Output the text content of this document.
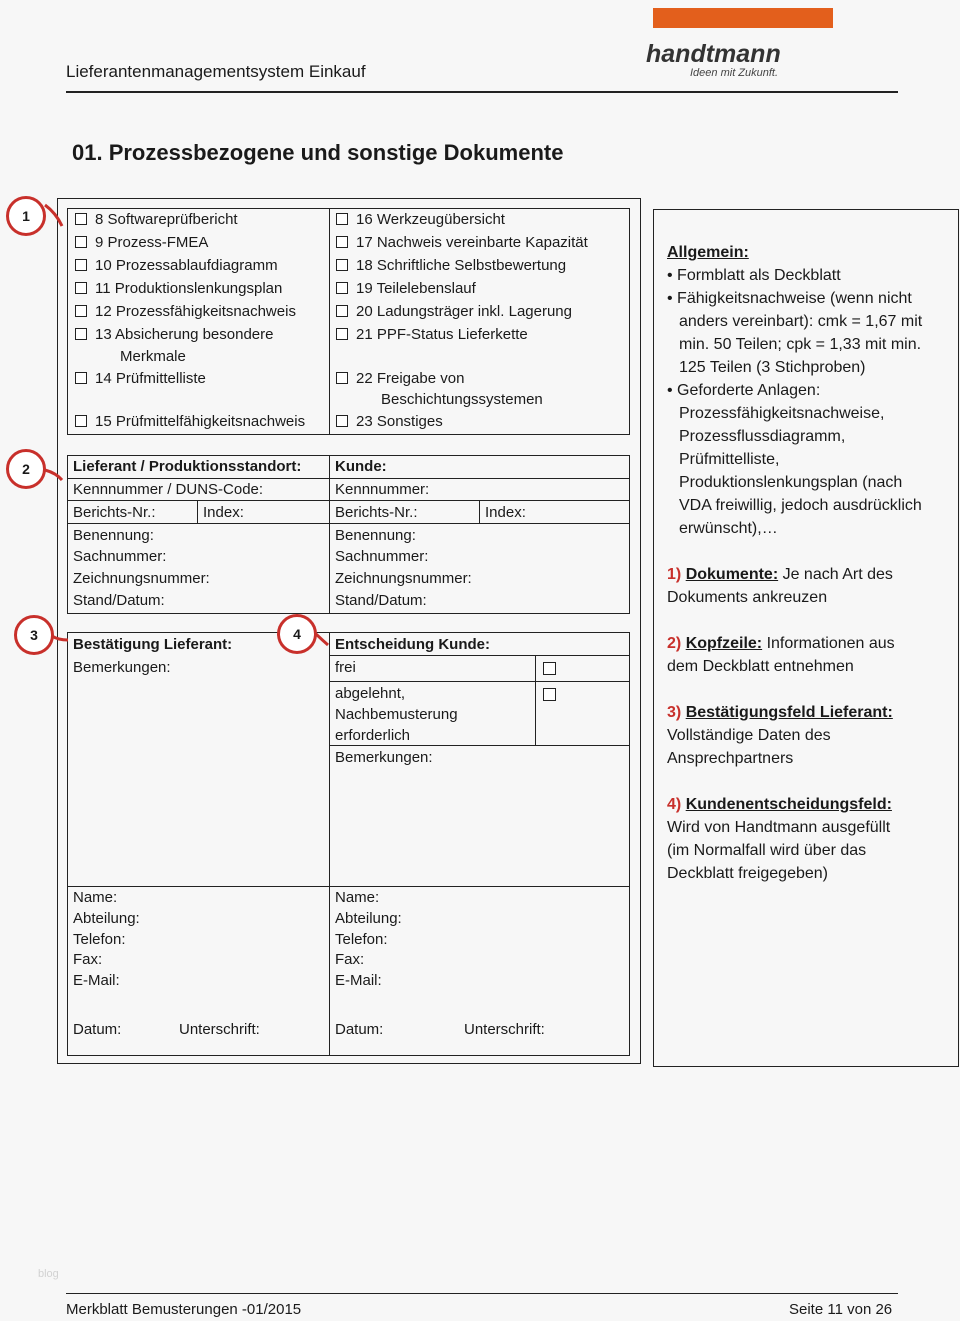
Lieferantenmanagementsystem Einkauf
handtmann
Ideen mit Zukunft.
01. Prozessbezogene und sonstige Dokumente
8 Softwareprüfbericht
9 Prozess-FMEA
10 Prozessablaufdiagramm
11 Produktionslenkungsplan
12 Prozessfähigkeitsnachweis
13 Absicherung besondere
Merkmale
14 Prüfmittelliste
15 Prüfmittelfähigkeitsnachweis
16 Werkzeugübersicht
17 Nachweis vereinbarte Kapazität
18 Schriftliche Selbstbewertung
19 Teilelebenslauf
20 Ladungsträger inkl. Lagerung
21 PPF-Status Lieferkette
22 Freigabe von
Beschichtungssystemen
23 Sonstiges
Lieferant / Produktionsstandort:
Kennnummer / DUNS-Code:
Berichts-Nr.:	Index:
Benennung:
Sachnummer:
Zeichnungsnummer:
Stand/Datum:
Kunde:
Kennnummer:
Berichts-Nr.:	Index:
Benennung:
Sachnummer:
Zeichnungsnummer:
Stand/Datum:
Bestätigung Lieferant:
Bemerkungen:
Entscheidung Kunde:
frei
abgelehnt,
Nachbemusterung
erforderlich
Bemerkungen:
Name:
Abteilung:
Telefon:
Fax:
E-Mail:
Datum:	Unterschrift:
Name:
Abteilung:
Telefon:
Fax:
E-Mail:
Datum:	Unterschrift:
1
2
3	4
Allgemein:
• Formblatt als Deckblatt
• Fähigkeitsnachweise (wenn nicht
anders vereinbart): cmk = 1,67 mit
min. 50 Teilen; cpk = 1,33 mit min.
125 Teilen (3 Stichproben)
• Geforderte Anlagen:
Prozessfähigkeitsnachweise,
Prozessflussdiagramm,
Prüfmittelliste,
Produktionslenkungsplan (nach
VDA freiwillig, jedoch ausdrücklich
erwünscht),…
1) Dokumente: Je nach Art des
Dokuments ankreuzen
2) Kopfzeile: Informationen aus
dem Deckblatt entnehmen
3) Bestätigungsfeld Lieferant:
Vollständige Daten des
Ansprechpartners
4) Kundenentscheidungsfeld:
Wird von Handtmann ausgefüllt
(im Normalfall wird über das
Deckblatt freigegeben)
blog
Merkblatt Bemusterungen -01/2015	Seite 11 von 26
